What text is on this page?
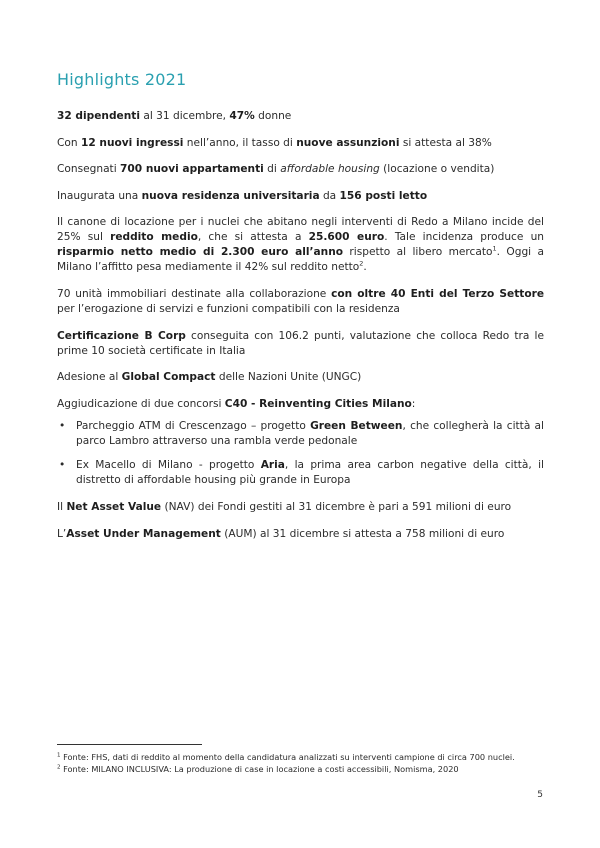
Highlights 2021

32 dipendenti al 31 dicembre, 47% donne

Con 12 nuovi ingressi nell’anno, il tasso di nuove assunzioni si attesta al 38%

Consegnati 700 nuovi appartamenti di affordable housing (locazione o vendita)

Inaugurata una nuova residenza universitaria da 156 posti letto

Il canone di locazione per i nuclei che abitano negli interventi di Redo a Milano incide del 25% sul reddito medio, che si attesta a 25.600 euro. Tale incidenza produce un risparmio netto medio di 2.300 euro all’anno rispetto al libero mercato$^1$. Oggi a Milano l’affitto pesa mediamente il 42% sul reddito netto$^2$.

70 unità immobiliari destinate alla collaborazione con oltre 40 Enti del Terzo Settore per l’erogazione di servizi e funzioni compatibili con la residenza

Certificazione B Corp conseguita con 106.2 punti, valutazione che colloca Redo tra le prime 10 società certificate in Italia

Adesione al Global Compact delle Nazioni Unite (UNGC)

Aggiudicazione di due concorsi C40 - Reinventing Cities Milano:

• Parcheggio ATM di Crescenzago – progetto Green Between, che collegherà la città al parco Lambro attraverso una rambla verde pedonale
• Ex Macello di Milano - progetto Aria, la prima area carbon negative della città, il distretto di affordable housing più grande in Europa

Il Net Asset Value (NAV) dei Fondi gestiti al 31 dicembre è pari a 591 milioni di euro

L’Asset Under Management (AUM) al 31 dicembre si attesta a 758 milioni di euro

$^1$ Fonte: FHS, dati di reddito al momento della candidatura analizzati su interventi campione di circa 700 nuclei.
$^2$ Fonte: MILANO INCLUSIVA: La produzione di case in locazione a costi accessibili, Nomisma, 2020
5
